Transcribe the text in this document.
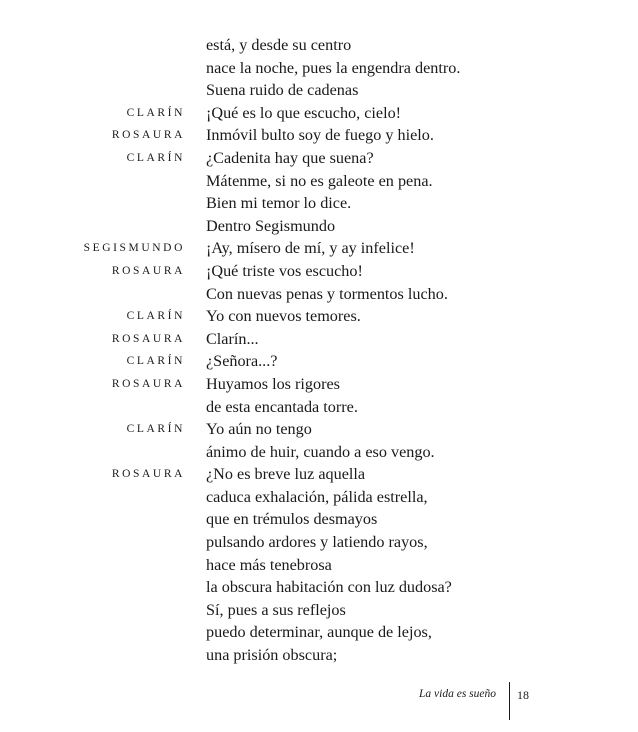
está, y desde su centro
nace la noche, pues la engendra dentro.
Suena ruido de cadenas
CLARÍN ¡Qué es lo que escucho, cielo!
ROSAURA Inmóvil bulto soy de fuego y hielo.
CLARÍN ¿Cadenita hay que suena?
Mátenme, si no es galeote en pena.
Bien mi temor lo dice.
Dentro Segismundo
SEGISMUNDO ¡Ay, mísero de mí, y ay infelice!
ROSAURA ¡Qué triste vos escucho!
Con nuevas penas y tormentos lucho.
CLARÍN Yo con nuevos temores.
ROSAURA Clarín...
CLARÍN ¿Señora...?
ROSAURA Huyamos los rigores
de esta encantada torre.
CLARÍN Yo aún no tengo
ánimo de huir, cuando a eso vengo.
ROSAURA ¿No es breve luz aquella
caduca exhalación, pálida estrella,
que en trémulos desmayos
pulsando ardores y latiendo rayos,
hace más tenebrosa
la obscura habitación con luz dudosa?
Sí, pues a sus reflejos
puedo determinar, aunque de lejos,
una prisión obscura;
La vida es sueño 18
